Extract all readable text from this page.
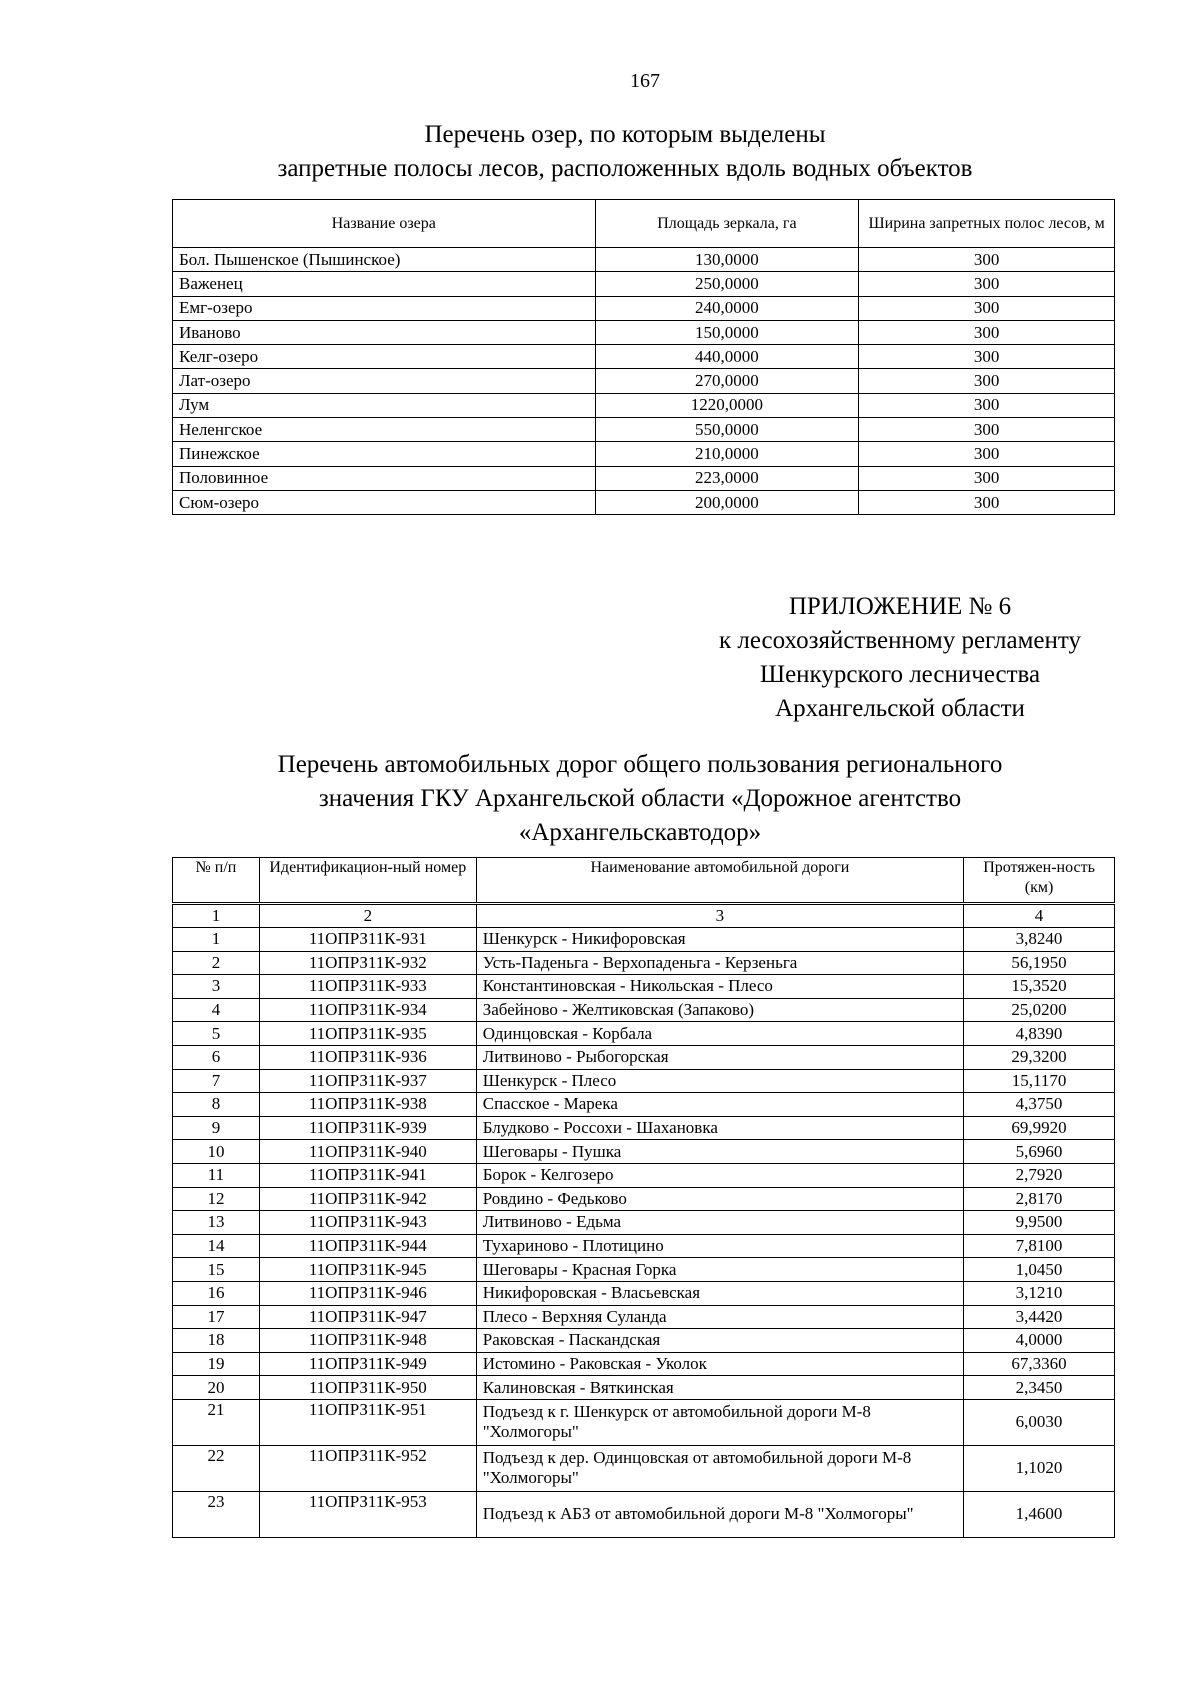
167
Перечень озер, по которым выделены
запретные полосы лесов, расположенных вдоль водных объектов
Название озера	Площадь зеркала, га	Ширина запретных полос лесов, м
Бол. Пышенское (Пышинское)	130,0000	300
Важенец	250,0000	300
Емг-озеро	240,0000	300
Иваново	150,0000	300
Келг-озеро	440,0000	300
Лат-озеро	270,0000	300
Лум	1220,0000	300
Неленгское	550,0000	300
Пинежское	210,0000	300
Половинное	223,0000	300
Сюм-озеро	200,0000	300
ПРИЛОЖЕНИЕ № 6
к лесохозяйственному регламенту
Шенкурского лесничества
Архангельской области
Перечень автомобильных дорог общего пользования регионального
значения ГКУ Архангельской области «Дорожное агентство
«Архангельскавтодор»
№ п/п	Идентификацион-ный номер	Наименование автомобильной дороги	Протяжен-ность (км)
1	2	3	4
1	11ОПРЗ11К-931	Шенкурск - Никифоровская	3,8240
2	11ОПРЗ11К-932	Усть-Паденьга - Верхопаденьга - Керзеньга	56,1950
3	11ОПРЗ11К-933	Константиновская - Никольская - Плесо	15,3520
4	11ОПРЗ11К-934	Забейново - Желтиковская (Запаково)	25,0200
5	11ОПРЗ11К-935	Одинцовская - Корбала	4,8390
6	11ОПРЗ11К-936	Литвиново - Рыбогорская	29,3200
7	11ОПРЗ11К-937	Шенкурск - Плесо	15,1170
8	11ОПРЗ11К-938	Спасское - Марека	4,3750
9	11ОПРЗ11К-939	Блудково - Россохи - Шахановка	69,9920
10	11ОПРЗ11К-940	Шеговары - Пушка	5,6960
11	11ОПРЗ11К-941	Борок - Келгозеро	2,7920
12	11ОПРЗ11К-942	Ровдино - Федьково	2,8170
13	11ОПРЗ11К-943	Литвиново - Едьма	9,9500
14	11ОПРЗ11К-944	Тухариново - Плотицино	7,8100
15	11ОПРЗ11К-945	Шеговары - Красная Горка	1,0450
16	11ОПРЗ11К-946	Никифоровская - Власьевская	3,1210
17	11ОПРЗ11К-947	Плесо - Верхняя Суланда	3,4420
18	11ОПРЗ11К-948	Раковская - Паскандская	4,0000
19	11ОПРЗ11К-949	Истомино - Раковская - Уколок	67,3360
20	11ОПРЗ11К-950	Калиновская - Вяткинская	2,3450
21	11ОПРЗ11К-951	Подъезд к г. Шенкурск от автомобильной дороги М-8 "Холмогоры"	6,0030
22	11ОПРЗ11К-952	Подъезд к дер. Одинцовская от автомобильной дороги М-8 "Холмогоры"	1,1020
23	11ОПРЗ11К-953	Подъезд к АБЗ от автомобильной дороги М-8 "Холмогоры"	1,4600
